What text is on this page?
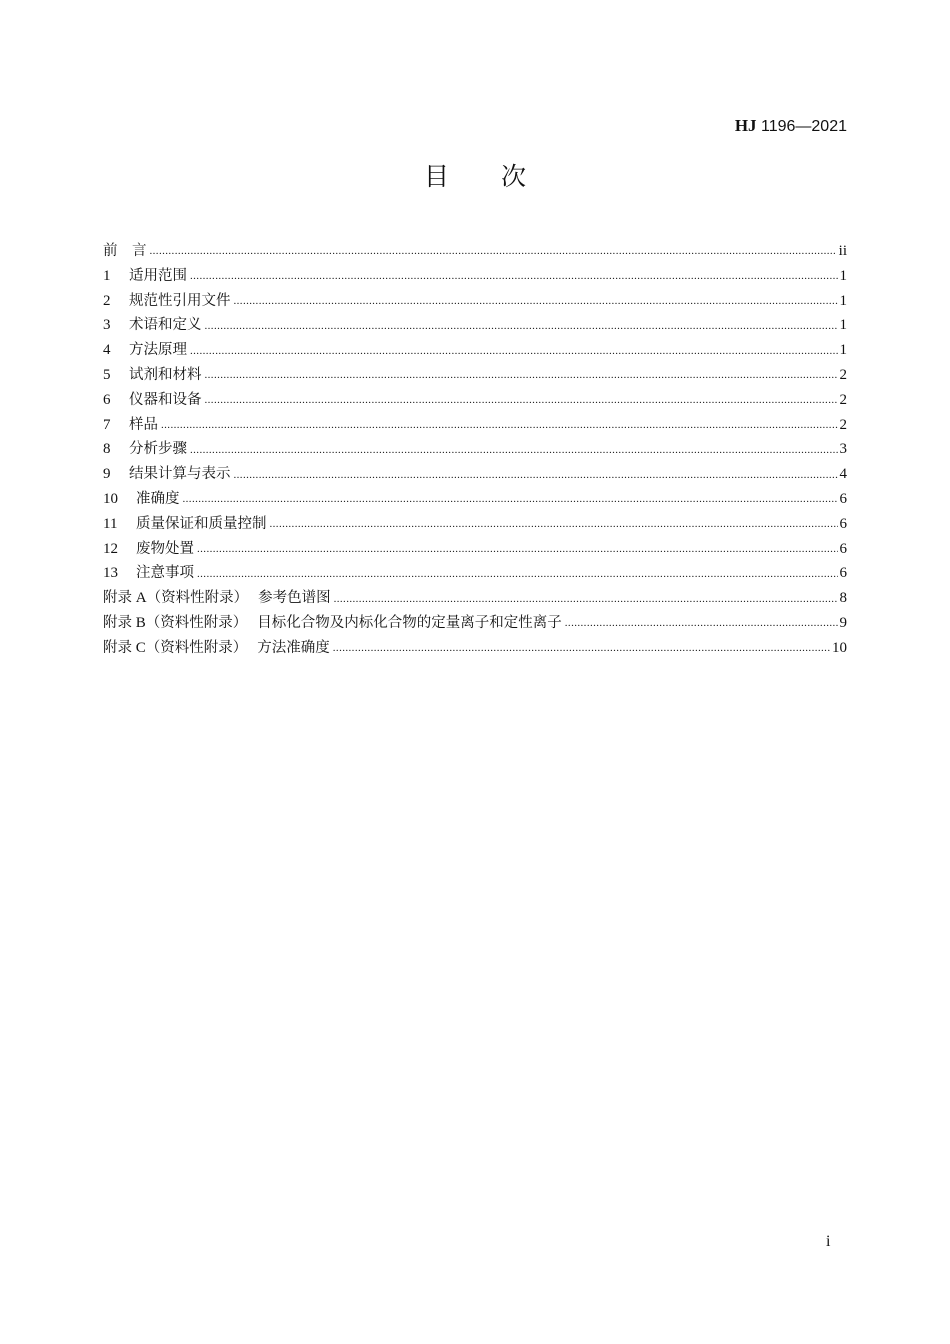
HJ 1196—2021
目 次
前　言 .....	ii
1 适用范围 .....	1
2 规范性引用文件 .....	1
3 术语和定义 .....	1
4 方法原理 .....	1
5 试剂和材料 .....	2
6 仪器和设备 .....	2
7 样品 .....	2
8 分析步骤 .....	3
9 结果计算与表示 .....	4
10 准确度 .....	6
11 质量保证和质量控制 .....	6
12 废物处置 .....	6
13 注意事项 .....	6
附录 A（资料性附录） 参考色谱图 .....	8
附录 B（资料性附录） 目标化合物及内标化合物的定量离子和定性离子 .....	9
附录 C（资料性附录） 方法准确度 .....	10
i
